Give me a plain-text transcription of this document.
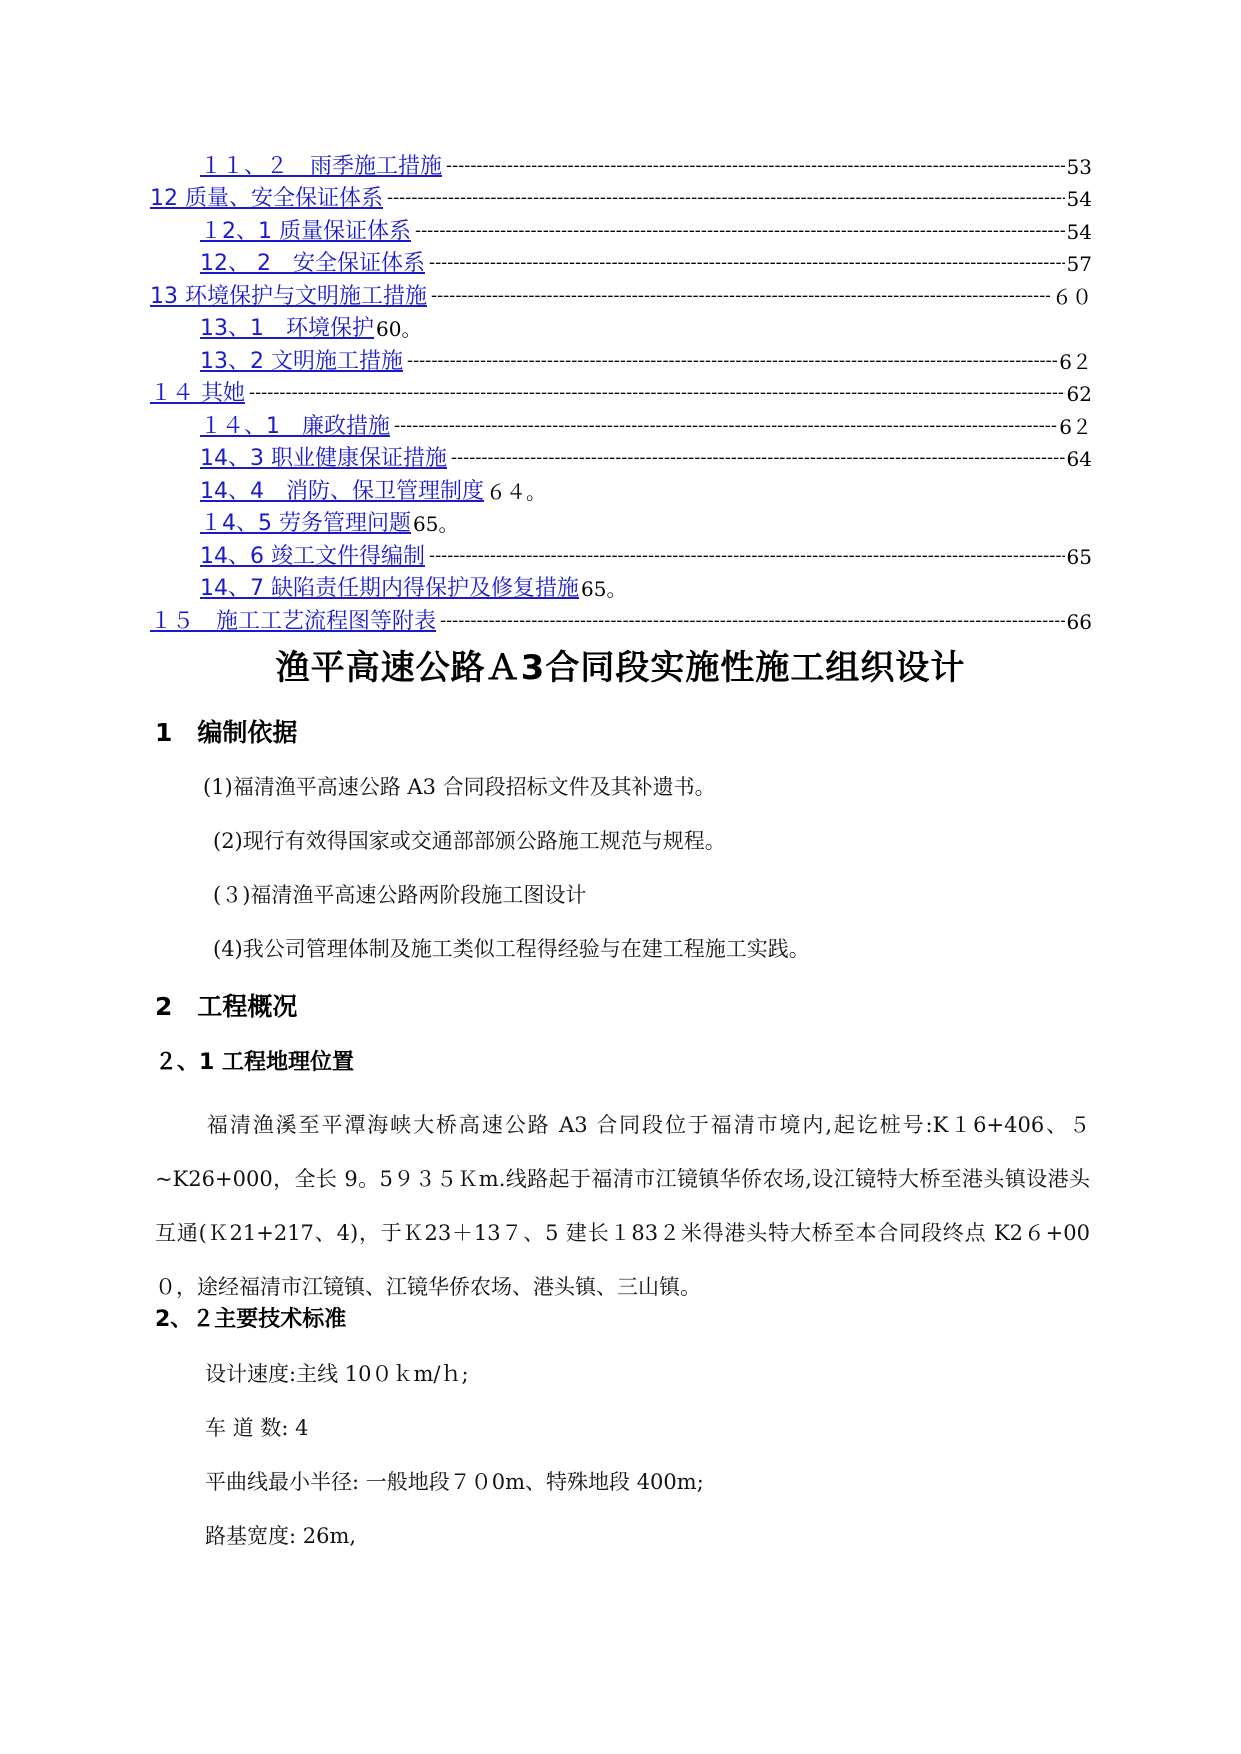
１１、２　雨季施工措施 -----	53
12 质量、安全保证体系 -----	54
１2、1 质量保证体系 -----	54
12、 2　安全保证体系 -----	57
13 环境保护与文明施工措施 -----	６０
13、1　环境保护 60。
13、2 文明施工措施 -----	6２
１４ 其她 -----	62
１４、1　廉政措施 -----	6２
14、3 职业健康保证措施 -----	64
14、4　消防、保卫管理制度 ６４。
１4、5 劳务管理问题 65。
14、6 竣工文件得编制 -----	65
14、7 缺陷责任期内得保护及修复措施 65。
１５　施工工艺流程图等附表 -----	66
渔平高速公路Ａ3合同段实施性施工组织设计
1　编制依据

(1)福清渔平高速公路 A3 合同段招标文件及其补遗书。

(2)现行有效得国家或交通部部颁公路施工规范与规程。

(３)福清渔平高速公路两阶段施工图设计

(4)我公司管理体制及施工类似工程得经验与在建工程施工实践。

2　工程概况
２、1 工程地理位置

福清渔溪至平潭海峡大桥高速公路 A3 合同段位于福清市境内,起讫桩号:K１6+406、５~K26+000，全长 9。5９３５Ｋm.线路起于福清市江镜镇华侨农场,设江镜特大桥至港头镇设港头互通(Ｋ21+217、4)，于Ｋ23＋13７、5 建长１83２米得港头特大桥至本合同段终点 K2６+00０，途经福清市江镜镇、江镜华侨农场、港头镇、三山镇。

2、２主要技术标准

设计速度:主线 10０ｋm/ｈ;

车 道 数: 4

平曲线最小半径: 一般地段７０0m、特殊地段 400m;

路基宽度: 26m,
